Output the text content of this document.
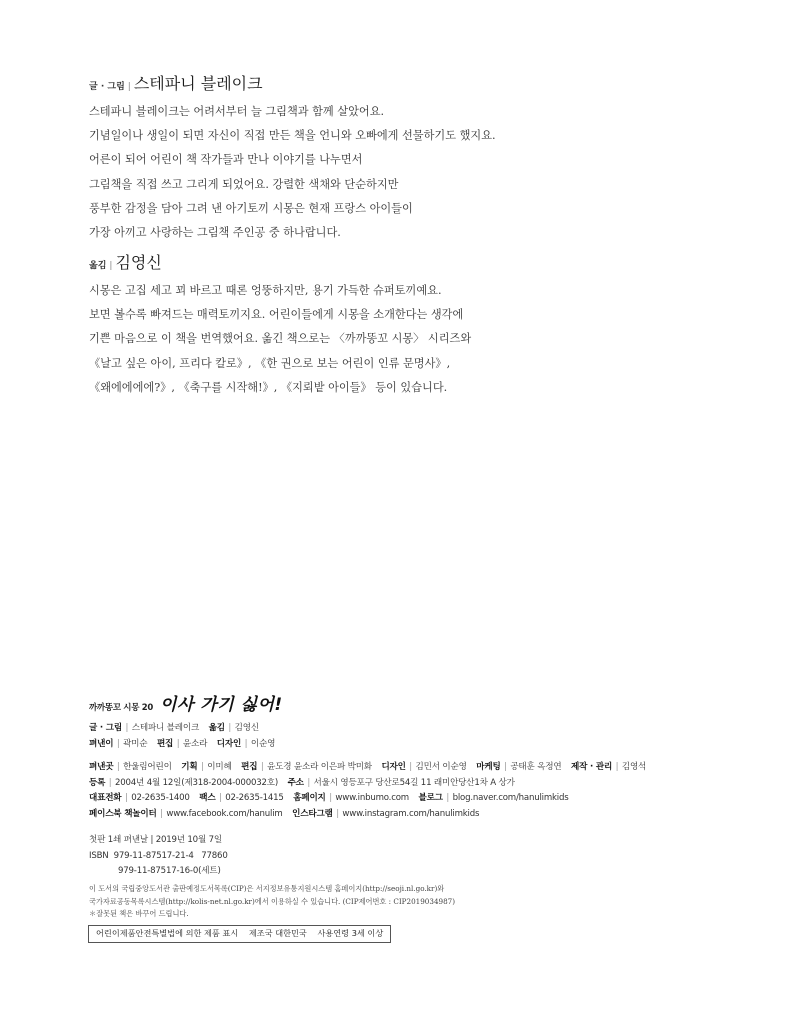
글 · 그림 | 스테파니 블레이크

스테파니 블레이크는 어려서부터 늘 그림책과 함께 살았어요.

기념일이나 생일이 되면 자신이 직접 만든 책을 언니와 오빠에게 선물하기도 했지요.

어른이 되어 어린이 책 작가들과 만나 이야기를 나누면서

그림책을 직접 쓰고 그리게 되었어요. 강렬한 색채와 단순하지만

풍부한 감정을 담아 그려 낸 아기토끼 시몽은 현재 프랑스 아이들이

가장 아끼고 사랑하는 그림책 주인공 중 하나랍니다.

옮김 | 김영신

시몽은 고집 세고 꾀 바르고 때론 엉뚱하지만, 용기 가득한 슈퍼토끼예요.

보면 볼수록 빠져드는 매력토끼지요. 어린이들에게 시몽을 소개한다는 생각에

기쁜 마음으로 이 책을 번역했어요. 옮긴 책으로는 〈까까똥꼬 시몽〉 시리즈와

《날고 싶은 아이, 프리다 칼로》, 《한 권으로 보는 어린이 인류 문명사》,

《왜에에에에?》, 《축구를 시작해!》, 《지뢰밭 아이들》 등이 있습니다.

까까똥꼬 시몽 20 이사 가기 싫어!
글 · 그림 | 스테파니 블레이크 옮김 | 김영신
펴낸이 | 곽미순 편집 | 윤소라 디자인 | 이순영
펴낸곳 | 한울림어린이 기획 | 이미혜 편집 | 윤도경 윤소라 이은파 박미화 디자인 | 김민서 이순영 마케팅 | 공태훈 옥정연 제작 · 관리 | 김영석
등록 | 2004년 4월 12일(제318-2004-000032호) 주소 | 서울시 영등포구 당산로54길 11 래미안당산1차 A 상가
대표전화 | 02-2635-1400 팩스 | 02-2635-1415 홈페이지 | www.inbumo.com 블로그 | blog.naver.com/hanulimkids
페이스북 책놀이터 | www.facebook.com/hanulim 인스타그램 | www.instagram.com/hanulimkids
첫판 1쇄 펴낸날 | 2019년 10월 7일
ISBN  979-11-87517-21-4   77860
979-11-87517-16-0(세트)

이 도서의 국립중앙도서관 출판예정도서목록(CIP)은 서지정보유통지원시스템 홈페이지(http://seoji.nl.go.kr)와

국가자료공동목록시스템(http://kolis-net.nl.go.kr)에서 이용하실 수 있습니다. (CIP제어번호 : CIP2019034987)

＊잘못된 책은 바꾸어 드립니다.

어린이제품안전특별법에 의한 제품 표시 제조국 대한민국 사용연령 3세 이상
